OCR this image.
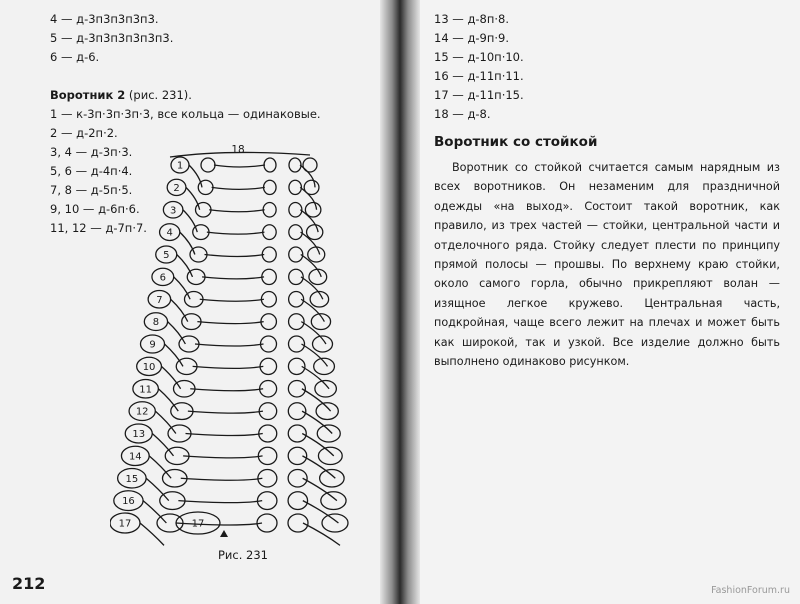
4 — д-3п3п3п3п3.
5 — д-3п3п3п3п3п3.
6 — д-6.
Воротник 2 (рис. 231).
1 — к-3п·3п·3п·3, все кольца — одинаковые.
2 — д-2п·2.
3, 4 — д-3п·3.
5, 6 — д-4п·4.
7, 8 — д-5п·5.
9, 10 — д-6п·6.
11, 12 — д-7п·7.
1
2
3
4
5
6
7
8
9
10
11
12
13
14
15
16
17
18
17
Рис. 231
212
13 — д-8п·8.
14 — д-9п·9.
15 — д-10п·10.
16 — д-11п·11.
17 — д-11п·15.
18 — д-8.
Воротник со стойкой
Воротник со стойкой считается самым нарядным из всех воротников. Он незаменим для праздничной одежды «на выход». Состоит такой воротник, как правило, из трех частей — стойки, центральной части и отделочного ряда. Стойку следует плести по принципу прямой полосы — прошвы. По верхнему краю стойки, около самого горла, обычно прикрепляют волан — изящное легкое кружево. Центральная часть, подкройная, чаще всего лежит на плечах и может быть как широкой, так и узкой. Все изделие должно быть выполнено одинаково рисунком.
FashionForum.ru
